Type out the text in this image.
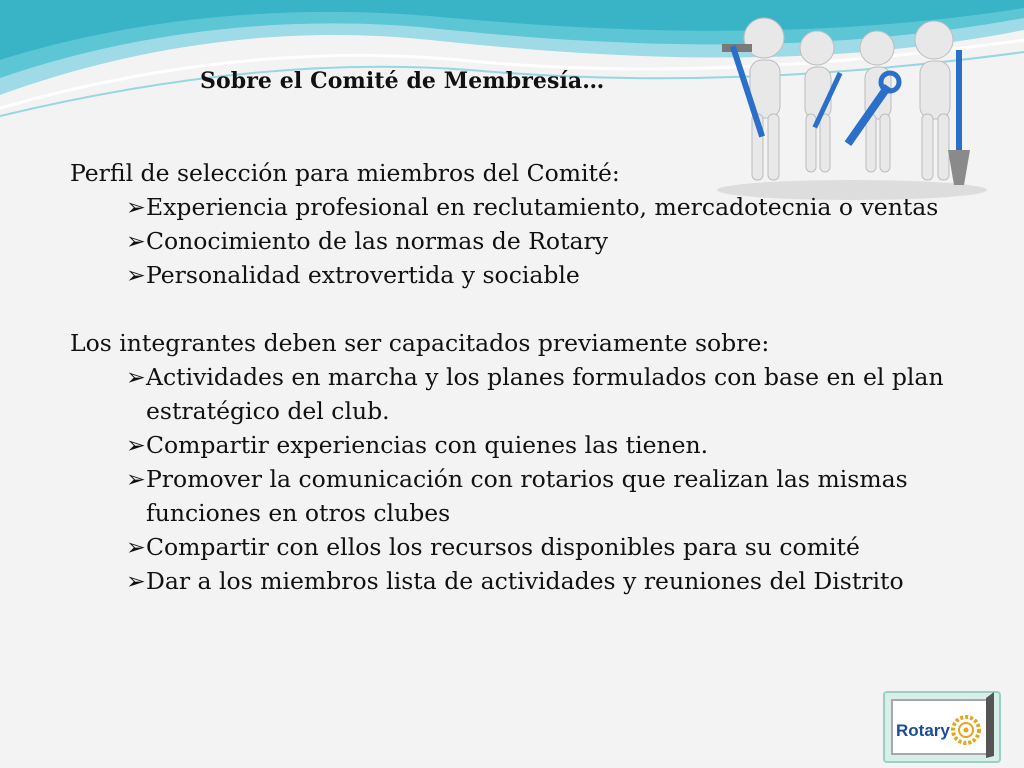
Sobre el Comité de Membresía…

Perfil de selección para miembros del Comité:

➢Experiencia profesional en reclutamiento, mercadotecnia o ventas
➢Conocimiento de las normas de Rotary
➢Personalidad extrovertida y sociable

Los integrantes deben ser capacitados previamente sobre:

➢Actividades en marcha y los planes formulados con base en el plan estratégico del club.
➢Compartir experiencias con quienes las tienen.
➢Promover la comunicación con rotarios que realizan las mismas funciones en otros clubes
➢Compartir con ellos los recursos disponibles para su comité
➢Dar a los miembros lista de actividades y reuniones del Distrito
Rotary
